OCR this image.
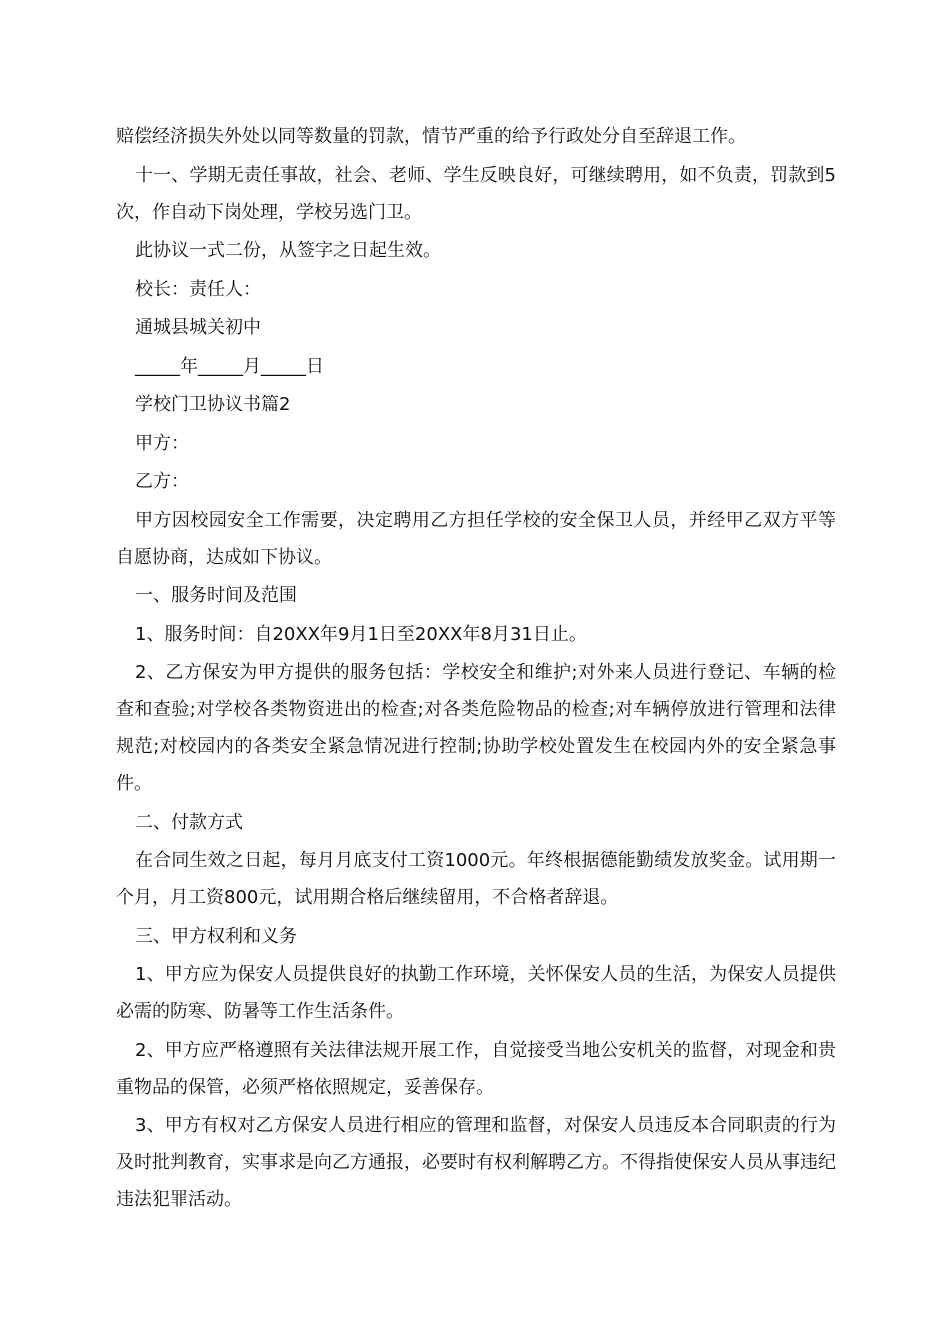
赔偿经济损失外处以同等数量的罚款，情节严重的给予行政处分自至辞退工作。

十一、学期无责任事故，社会、老师、学生反映良好，可继续聘用，如不负责，罚款到5次，作自动下岗处理，学校另选门卫。

此协议一式二份，从签字之日起生效。

校长：责任人：

通城县城关初中

_____年_____月_____日

学校门卫协议书篇2

甲方：

乙方：

甲方因校园安全工作需要，决定聘用乙方担任学校的安全保卫人员，并经甲乙双方平等自愿协商，达成如下协议。

一、服务时间及范围

1、服务时间：自20XX年9月1日至20XX年8月31日止。

2、乙方保安为甲方提供的服务包括：学校安全和维护;对外来人员进行登记、车辆的检查和查验;对学校各类物资进出的检查;对各类危险物品的检查;对车辆停放进行管理和法律规范;对校园内的各类安全紧急情况进行控制;协助学校处置发生在校园内外的安全紧急事件。

二、付款方式

在合同生效之日起，每月月底支付工资1000元。年终根据德能勤绩发放奖金。试用期一个月，月工资800元，试用期合格后继续留用，不合格者辞退。

三、甲方权利和义务

1、甲方应为保安人员提供良好的执勤工作环境，关怀保安人员的生活，为保安人员提供必需的防寒、防暑等工作生活条件。

2、甲方应严格遵照有关法律法规开展工作，自觉接受当地公安机关的监督，对现金和贵重物品的保管，必须严格依照规定，妥善保存。

3、甲方有权对乙方保安人员进行相应的管理和监督，对保安人员违反本合同职责的行为及时批判教育，实事求是向乙方通报，必要时有权利解聘乙方。不得指使保安人员从事违纪违法犯罪活动。
